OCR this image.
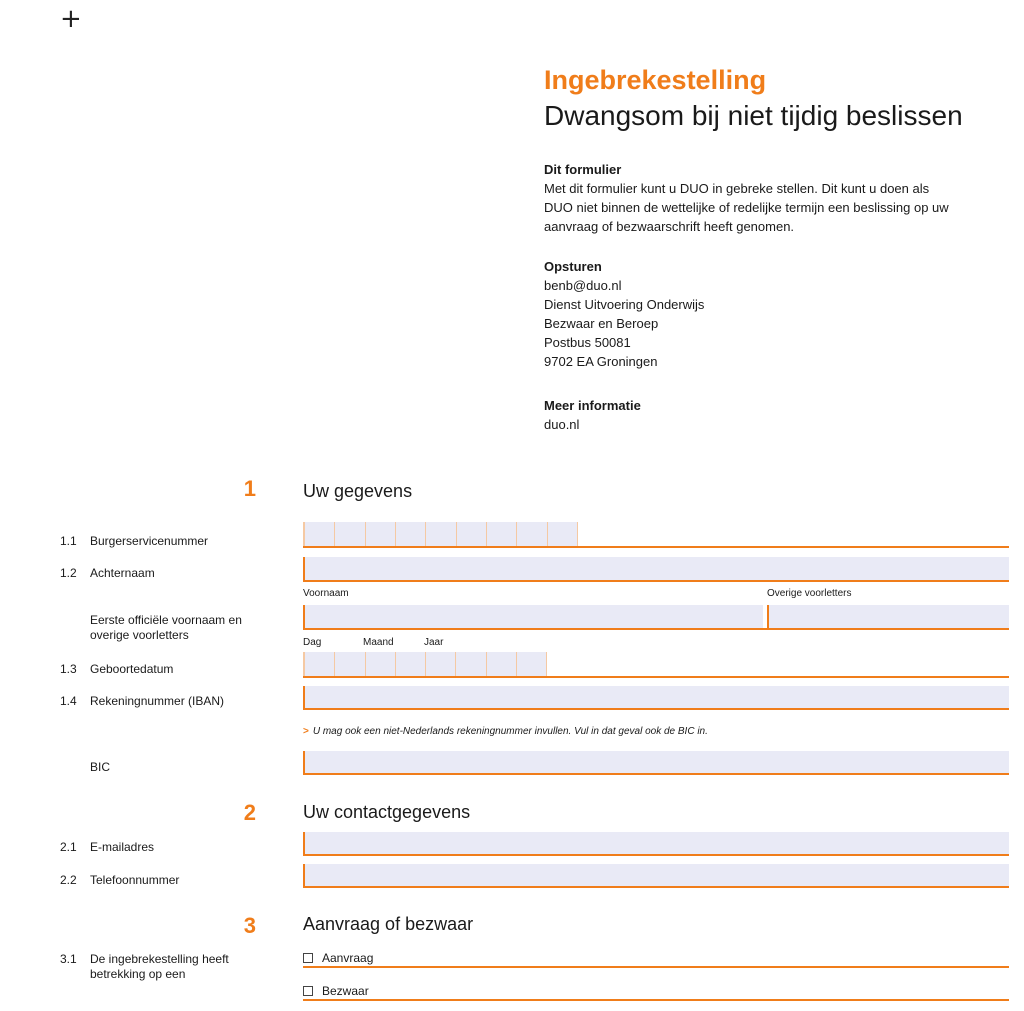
+
Ingebrekestelling
Dwangsom bij niet tijdig beslissen
Dit formulier
Met dit formulier kunt u DUO in gebreke stellen. Dit kunt u doen als
DUO niet binnen de wettelijke of redelijke termijn een beslissing op uw
aanvraag of bezwaarschrift heeft genomen.
Opsturen
benb@duo.nl
Dienst Uitvoering Onderwijs
Bezwaar en Beroep
Postbus 50081
9702 EA Groningen
Meer informatie
duo.nl
1	Uw gegevens
1.1	Burgerservicenummer
1.2	Achternaam
Voornaam	Overige voorletters
Eerste officiële voornaam en
overige voorletters
Dag	Maand	Jaar
1.3	Geboortedatum
1.4	Rekeningnummer (IBAN)
> U mag ook een niet-Nederlands rekeningnummer invullen. Vul in dat geval ook de BIC in.
BIC
2	Uw contactgegevens
2.1	E-mailadres
2.2	Telefoonnummer
3	Aanvraag of bezwaar
3.1	De ingebrekestelling heeft
betrekking op een
Aanvraag
Bezwaar
